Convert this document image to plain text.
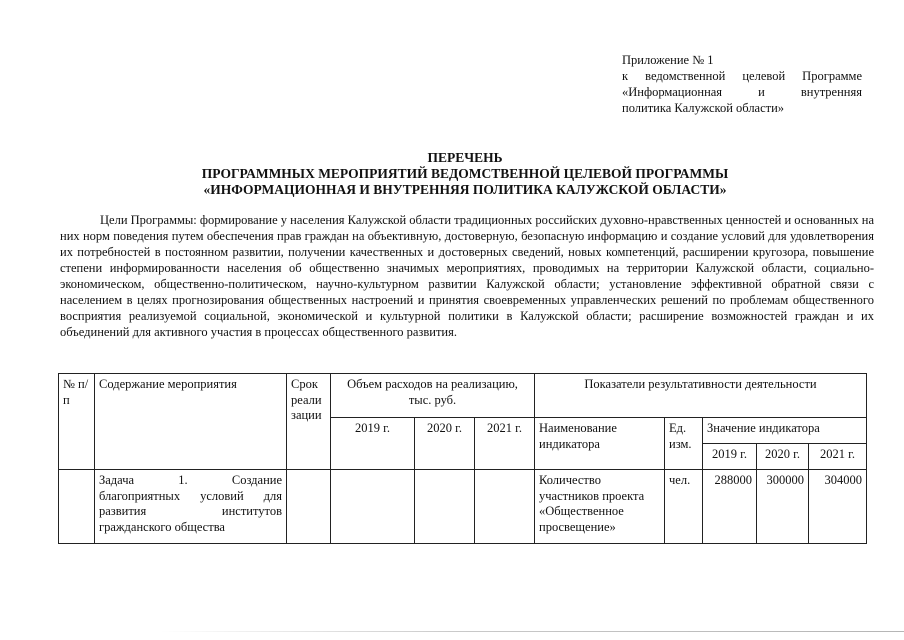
Приложение № 1
к ведомственной целевой Программе
«Информационная и внутренняя
политика Калужской области»
ПЕРЕЧЕНЬ
ПРОГРАММНЫХ МЕРОПРИЯТИЙ ВЕДОМСТВЕННОЙ ЦЕЛЕВОЙ ПРОГРАММЫ
«ИНФОРМАЦИОННАЯ И ВНУТРЕННЯЯ ПОЛИТИКА КАЛУЖСКОЙ ОБЛАСТИ»
Цели Программы: формирование у населения Калужской области традиционных российских духовно-нравственных ценностей и основанных на них норм поведения путем обеспечения прав граждан на объективную, достоверную, безопасную информацию и создание условий для удовлетворения их потребностей в постоянном развитии, получении качественных и достоверных сведений, новых компетенций, расширении кругозора, повышение степени информированности населения об общественно значимых мероприятиях, проводимых на территории Калужской области, социально-экономическом, общественно-политическом, научно-культурном развитии Калужской области; установление эффективной обратной связи с населением в целях прогнозирования общественных настроений и принятия своевременных управленческих решений по проблемам общественного восприятия реализуемой социальной, экономической и культурной политики в Калужской области; расширение возможностей граждан и их объединений для активного участия в процессах общественного развития.
№ п/п	Содержание мероприятия	Срок реали зации	Объем расходов на реализацию, тыс. руб.			Показатели результативности деятельности				
			2019 г.	2020 г.	2021 г.	Наименование индикатора	Ед. изм.	Значение индикатора		
								2019 г.	2020 г.	2021 г.
	Задача 1. Создание благоприятных условий для развития институтов гражданского общества					Количество участников проекта «Общественное просвещение»	чел.	288000	300000	304000
